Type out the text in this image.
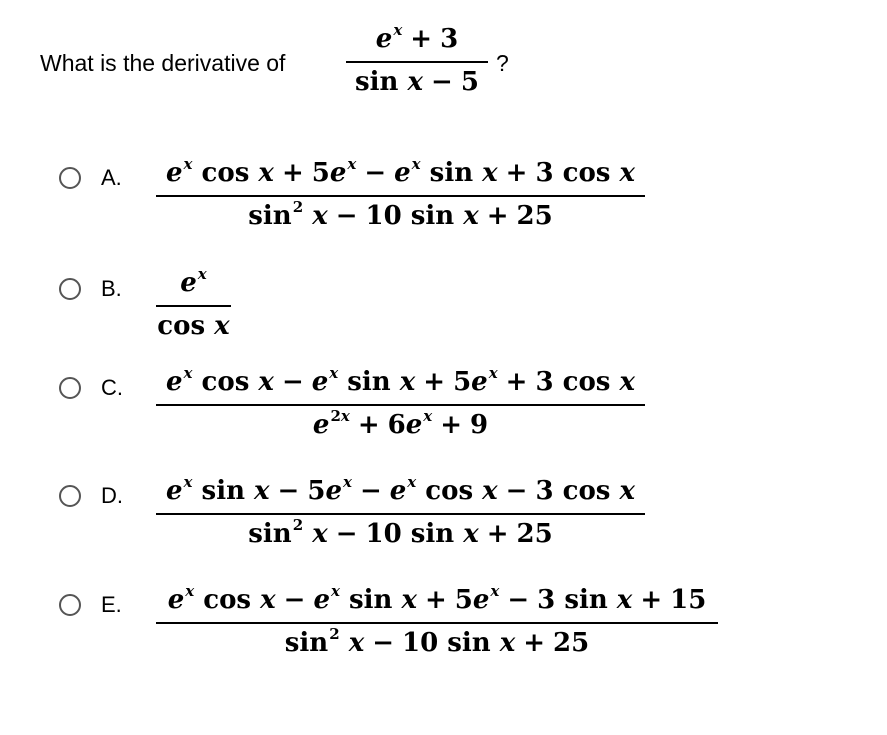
What is the derivative of
$e^x + 3$
sin x − 5
?
A. $e^x$ $\cos x + 5e^x - e^x$ sin x + 3 cos x
$\sin^2 x - 10$ sin x + 25
B. $e^x$
cos x
C. $e^x$ $\cos x - e^x$ $\sin x + 5e^x + 3$ cos x
$e^{2x} + 6e^x + 9$
D. $e^x$ $\sin x - 5e^x - e^x$ cos x − 3 cos x
$\sin^2 x - 10$ sin x + 25
E. $e^x$ $\cos x - e^x$ $\sin x + 5e^x - 3$ sin x + 15
$\sin^2 x - 10$ sin x + 25
